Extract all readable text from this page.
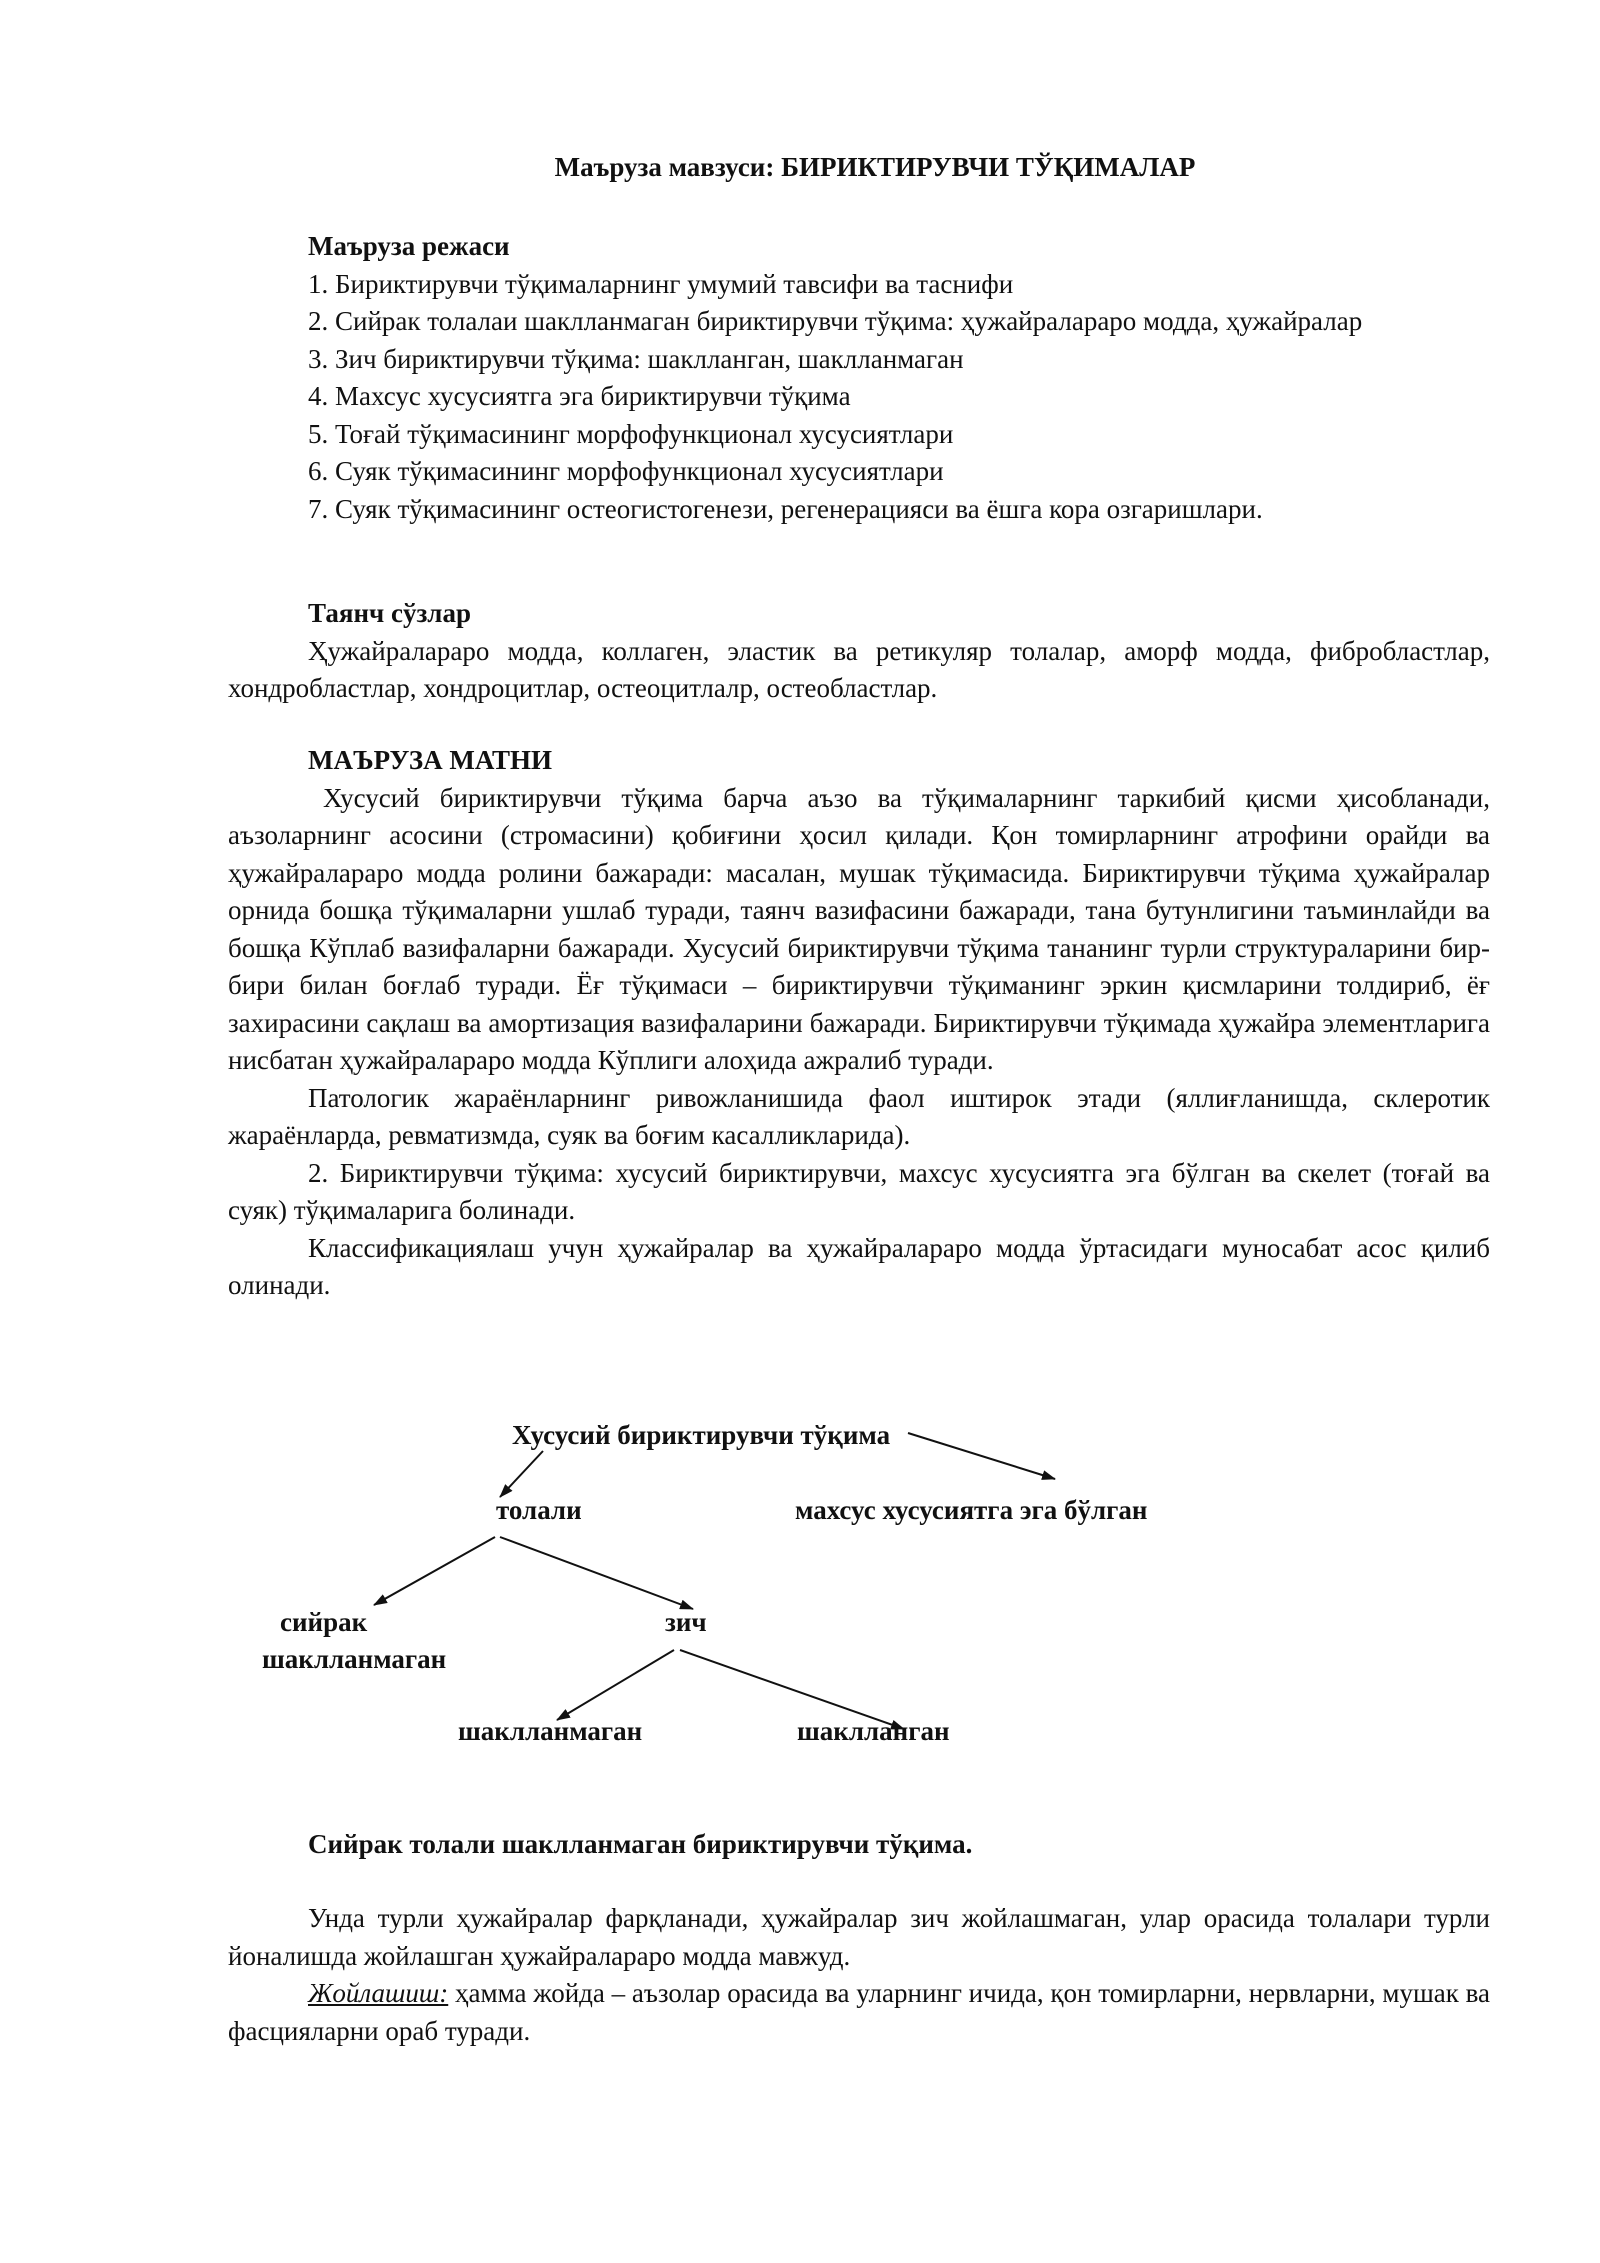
Маърузa мавзуси: БИРИКТИРУВЧИ ТЎҚИМАЛАР

Маъруза режаси

1. Бириктирувчи тўқималарнинг умумий тавсифи ва таснифи

2. Сийрак толалаи шаклланмаган бириктирувчи тўқима: ҳужайралараро модда, ҳужайралар

3. Зич бириктирувчи тўқима: шаклланган, шаклланмаган

4. Махсус хусусиятга эга бириктирувчи тўқима

5. Тоғай тўқимасининг морфофункционал хусусиятлари

6. Суяк тўқимасининг морфофункционал хусусиятлари

7. Суяк тўқимасининг остеогистогенези, регенерацияси ва ёшга кора озгаришлари.

Таянч сўзлар

Ҳужайралараро модда, коллаген, эластик ва ретикуляр толалар, аморф модда, фибробластлар, хондробластлар, хондроцитлар, остеоцитлалр, остеобластлар.

МАЪРУЗА МАТНИ

Хусусий бириктирувчи тўқима барча аъзо ва тўқималарнинг таркибий қисми ҳисобланади, аъзоларнинг асосини (стромасини) қобиғини ҳосил қилади. Қон томирларнинг атрофини орайди ва ҳужайралараро модда ролини бажаради: масалан, мушак тўқимасида. Бириктирувчи тўқима ҳужайралар орнида бошқа тўқималарни ушлаб туради, таянч вазифасини бажаради, тана бутунлигини таъминлайди ва бошқа Кўплаб вазифаларни бажаради. Хусусий бириктирувчи тўқима тананинг турли структураларини бир-бири билан боғлаб туради. Ёғ тўқимаси – бириктирувчи тўқиманинг эркин қисмларини толдириб, ёғ захирасини сақлаш ва амортизация вазифаларини бажаради. Бириктирувчи тўқимада ҳужайра элементларига нисбатан ҳужайралараро модда Кўплиги алоҳида ажралиб туради.

Патологик жараёнларнинг ривожланишида фаол иштирок этади (яллиғланишда, склеротик жараёнларда, ревматизмда, суяк ва боғим касалликларида).

2. Бириктирувчи тўқима: хусусий бириктирувчи, махсус хусусиятга эга бўлган ва скелет (тоғай ва суяк) тўқималарига болинади.

Классификациялаш учун ҳужайралар ва ҳужайралараро модда ўртасидаги муносабат асос қилиб олинади.

Хусусий бириктирувчи тўқима
толали	махсус хусусиятга эга бўлган
сийрак
шаклланмаган
зич
шаклланмаган	шаклланган

Сийрак толали шаклланмаган бириктирувчи тўқима.

Унда турли ҳужайралар фарқланади, ҳужайралар зич жойлашмаган, улар орасида толалари турли йоналишда жойлашган ҳужайралараро модда мавжуд.

Жойлашиш: ҳамма жойда – аъзолар орасида ва уларнинг ичида, қон томирларни, нервларни, мушак ва фасцияларни ораб туради.
